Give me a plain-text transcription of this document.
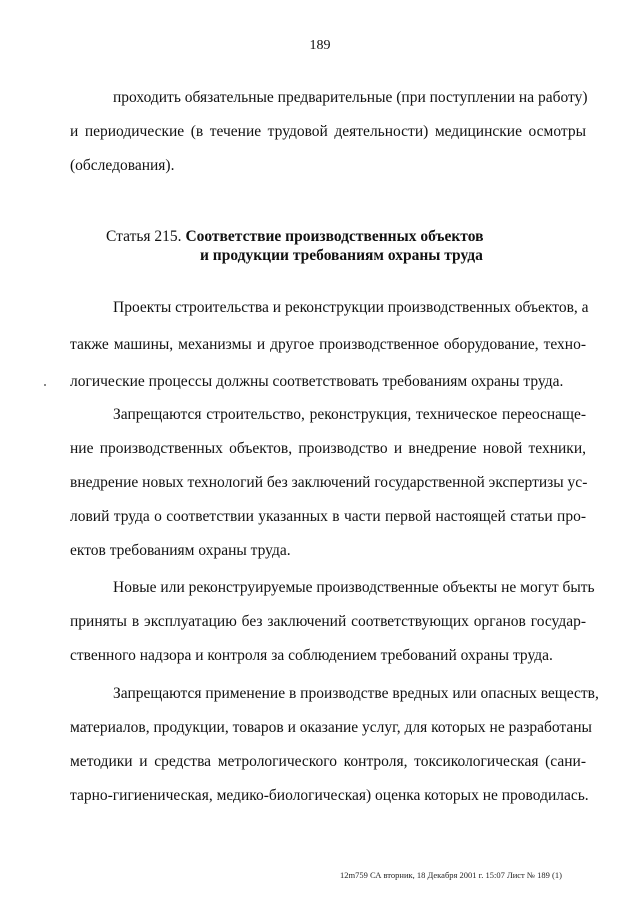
189
проходить обязательные предварительные (при поступлении на работу)
и периодические (в течение трудовой деятельности) медицинские осмотры
(обследования).
Статья 215. Соответствие производственных объектов
и продукции требованиям охраны труда
Проекты строительства и реконструкции производственных объектов, а
также машины, механизмы и другое производственное оборудование, техно-
логические процессы должны соответствовать требованиям охраны труда.
Запрещаются строительство, реконструкция, техническое переоснаще-
ние производственных объектов, производство и внедрение новой техники,
внедрение новых технологий без заключений государственной экспертизы ус-
ловий труда о соответствии указанных в части первой настоящей статьи про-
ектов требованиям охраны труда.
Новые или реконструируемые производственные объекты не могут быть
приняты в эксплуатацию без заключений соответствующих органов государ-
ственного надзора и контроля за соблюдением требований охраны труда.
Запрещаются применение в производстве вредных или опасных веществ,
материалов, продукции, товаров и оказание услуг, для которых не разработаны
методики и средства метрологического контроля, токсикологическая (сани-
тарно-гигиеническая, медико-биологическая) оценка которых не проводилась.
12m759 СА вторник, 18 Декабря 2001 г. 15:07 Лист № 189 (1)
